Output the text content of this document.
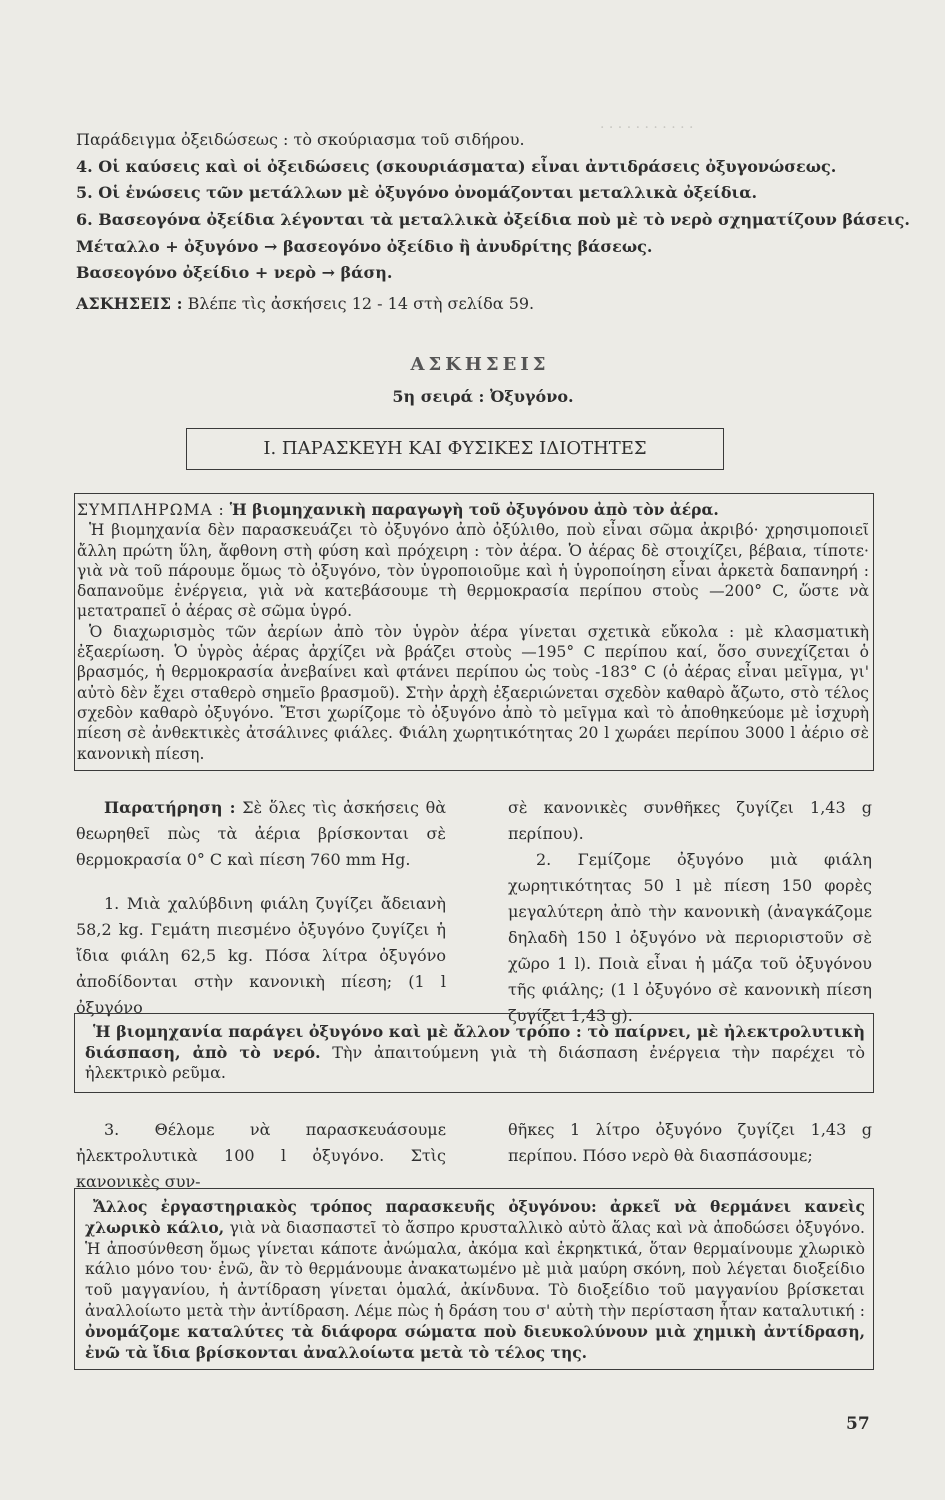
· · · · · · · · · · ·
Παράδειγμα ὀξειδώσεως : τὸ σκούριασμα τοῦ σιδήρου.
4. Οἱ καύσεις καὶ οἱ ὀξειδώσεις (σκουριάσματα) εἶναι ἀντιδράσεις ὀξυγονώσεως.
5. Οἱ ἑνώσεις τῶν μετάλλων μὲ ὀξυγόνο ὀνομάζονται μεταλλικὰ ὀξείδια.
6. Βασεογόνα ὀξείδια λέγονται τὰ μεταλλικὰ ὀξείδια ποὺ μὲ τὸ νερὸ σχηματίζουν βάσεις.
Μέταλλο + ὀξυγόνο → βασεογόνο ὀξείδιο ἢ ἀνυδρίτης βάσεως.
Βασεογόνο ὀξείδιο + νερὸ → βάση.
ΑΣΚΗΣΕΙΣ : Βλέπε τὶς ἀσκήσεις 12 - 14 στὴ σελίδα 59.
ΑΣΚΗΣΕΙΣ
5η σειρά : Ὀξυγόνο.
Ι. ΠΑΡΑΣΚΕΥΗ ΚΑΙ ΦΥΣΙΚΕΣ ΙΔΙΟΤΗΤΕΣ
ΣΥΜΠΛΗΡΩΜΑ : Ἡ βιομηχανικὴ παραγωγὴ τοῦ ὀξυγόνου ἀπὸ τὸν ἀέρα.

Ἡ βιομηχανία δὲν παρασκευάζει τὸ ὀξυγόνο ἀπὸ ὀξύλιθο, ποὺ εἶναι σῶμα ἀκριβό· χρησιμοποιεῖ ἄλλη πρώτη ὕλη, ἄφθονη στὴ φύση καὶ πρόχειρη : τὸν ἀέρα. Ὁ ἀέρας δὲ στοιχίζει, βέβαια, τίποτε· γιὰ νὰ τοῦ πάρουμε ὅμως τὸ ὀξυγόνο, τὸν ὑγροποιοῦμε καὶ ἡ ὑγροποίηση εἶναι ἀρκετὰ δαπανηρή : δαπανοῦμε ἐνέργεια, γιὰ νὰ κατεβάσουμε τὴ θερμοκρασία περίπου στοὺς —200° C, ὥστε νὰ μετατραπεῖ ὁ ἀέρας σὲ σῶμα ὑγρό.

Ὁ διαχωρισμὸς τῶν ἀερίων ἀπὸ τὸν ὑγρὸν ἀέρα γίνεται σχετικὰ εὔκολα : μὲ κλασματικὴ ἐξαερίωση. Ὁ ὑγρὸς ἀέρας ἀρχίζει νὰ βράζει στοὺς —195° C περίπου καί, ὅσο συνεχίζεται ὁ βρασμός, ἡ θερμοκρασία ἀνεβαίνει καὶ φτάνει περίπου ὡς τοὺς -183° C (ὁ ἀέρας εἶναι μεῖγμα, γι' αὐτὸ δὲν ἔχει σταθερὸ σημεῖο βρασμοῦ). Στὴν ἀρχὴ ἐξαεριώνεται σχεδὸν καθαρὸ ἄζωτο, στὸ τέλος σχεδὸν καθαρὸ ὀξυγόνο. Ἔτσι χωρίζομε τὸ ὀξυγόνο ἀπὸ τὸ μεῖγμα καὶ τὸ ἀποθηκεύομε μὲ ἰσχυρὴ πίεση σὲ ἀνθεκτικὲς ἀτσάλινες φιάλες. Φιάλη χωρητικότητας 20 l χωράει περίπου 3000 l ἀέριο σὲ κανονικὴ πίεση.

Παρατήρηση : Σὲ ὅλες τὶς ἀσκήσεις θὰ θεωρηθεῖ πὼς τὰ ἀέρια βρίσκονται σὲ θερμοκρασία 0° C καὶ πίεση 760 mm Hg.

1. Μιὰ χαλύβδινη φιάλη ζυγίζει ἄδειανὴ 58,2 kg. Γεμάτη πιεσμένο ὀξυγόνο ζυγίζει ἡ ἴδια φιάλη 62,5 kg. Πόσα λίτρα ὀξυγόνο ἀποδίδονται στὴν κανονικὴ πίεση; (1 l ὀξυγόνο

σὲ κανονικὲς συνθῆκες ζυγίζει 1,43 g περίπου).

2. Γεμίζομε ὀξυγόνο μιὰ φιάλη χωρητικότητας 50 l μὲ πίεση 150 φορὲς μεγαλύτερη ἀπὸ τὴν κανονικὴ (ἀναγκάζομε δηλαδὴ 150 l ὀξυγόνο νὰ περιοριστοῦν σὲ χῶρο 1 l). Ποιὰ εἶναι ἡ μάζα τοῦ ὀξυγόνου τῆς φιάλης; (1 l ὀξυγόνο σὲ κανονικὴ πίεση ζυγίζει 1,43 g).

Ἡ βιομηχανία παράγει ὀξυγόνο καὶ μὲ ἄλλον τρόπο : τὸ παίρνει, μὲ ἠλεκτρολυτικὴ διάσπαση, ἀπὸ τὸ νερό. Τὴν ἀπαιτούμενη γιὰ τὴ διάσπαση ἐνέργεια τὴν παρέχει τὸ ἠλεκτρικὸ ρεῦμα.

3. Θέλομε νὰ παρασκευάσουμε ἠλεκτρολυτικὰ 100 l ὀξυγόνο. Στὶς κανονικὲς συν-

θῆκες 1 λίτρο ὀξυγόνο ζυγίζει 1,43 g περίπου. Πόσο νερὸ θὰ διασπάσουμε;

Ἄλλος ἐργαστηριακὸς τρόπος παρασκευῆς ὀξυγόνου: ἀρκεῖ νὰ θερμάνει κανεὶς χλωρικὸ κάλιο, γιὰ νὰ διασπαστεῖ τὸ ἄσπρο κρυσταλλικὸ αὐτὸ ἅλας καὶ νὰ ἀποδώσει ὀξυγόνο. Ἡ ἀποσύνθεση ὅμως γίνεται κάποτε ἀνώμαλα, ἀκόμα καὶ ἐκρηκτικά, ὅταν θερμαίνουμε χλωρικὸ κάλιο μόνο του· ἐνῶ, ἂν τὸ θερμάνουμε ἀνακατωμένο μὲ μιὰ μαύρη σκόνη, ποὺ λέγεται διοξείδιο τοῦ μαγγανίου, ἡ ἀντίδραση γίνεται ὁμαλά, ἀκίνδυνα. Τὸ διοξείδιο τοῦ μαγγανίου βρίσκεται ἀναλλοίωτο μετὰ τὴν ἀντίδραση. Λέμε πὼς ἡ δράση του σ' αὐτὴ τὴν περίσταση ἦταν καταλυτική : ὀνομάζομε καταλύτες τὰ διάφορα σώματα ποὺ διευκολύνουν μιὰ χημικὴ ἀντίδραση, ἐνῶ τὰ ἴδια βρίσκονται ἀναλλοίωτα μετὰ τὸ τέλος της.
57
